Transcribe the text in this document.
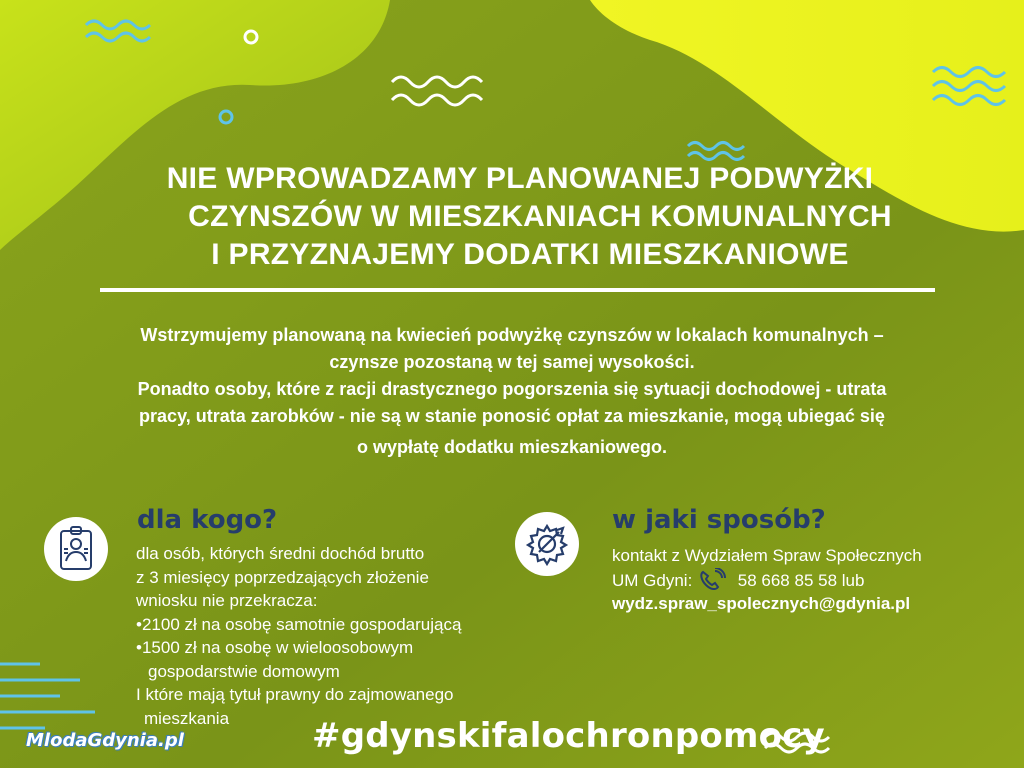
NIE WPROWADZAMY PLANOWANEJ PODWYŻKI
CZYNSZÓW W MIESZKANIACH KOMUNALNYCH
I PRZYZNAJEMY DODATKI MIESZKANIOWE
Wstrzymujemy planowaną na kwiecień podwyżkę czynszów w lokalach komunalnych –
czynsze pozostaną w tej samej wysokości.
Ponadto osoby, które z racji drastycznego pogorszenia się sytuacji dochodowej - utrata
pracy, utrata zarobków - nie są w stanie ponosić opłat za mieszkanie, mogą ubiegać się
o wypłatę dodatku mieszkaniowego.
dla kogo?
dla osób, których średni dochód brutto
z 3 miesięcy poprzedzających złożenie
wniosku nie przekracza:
•2100 zł na osobę samotnie gospodarującą
•1500 zł na osobę w wieloosobowym
gospodarstwie domowym
I które mają tytuł prawny do zajmowanego
mieszkania
w jaki sposób?
kontakt z Wydziałem Spraw Społecznych
UM Gdyni:	58 668 85 58 lub
wydz.spraw_spolecznych@gdynia.pl
#gdynskifalochronpomocy
MlodaGdynia.pl
